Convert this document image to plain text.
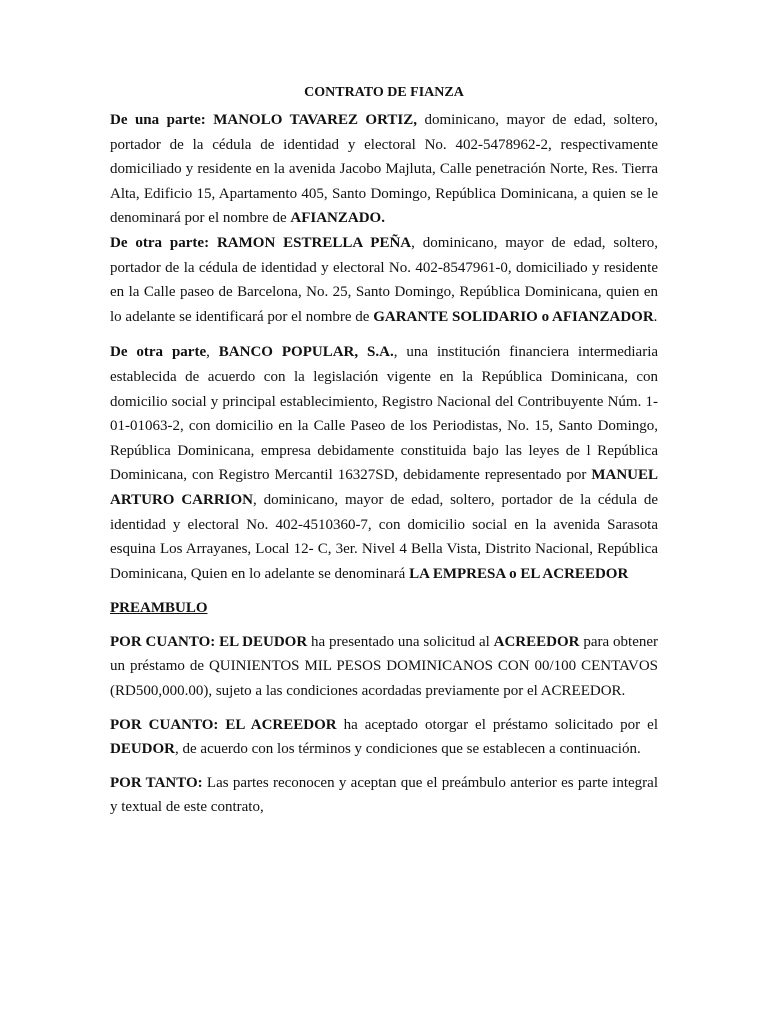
CONTRATO DE FIANZA

De una parte: MANOLO TAVAREZ ORTIZ, dominicano, mayor de edad, soltero, portador de la cédula de identidad y electoral No. 402-5478962-2, respectivamente domiciliado y residente en la avenida Jacobo Majluta, Calle penetración Norte, Res. Tierra Alta, Edificio 15, Apartamento 405, Santo Domingo, República Dominicana, a quien se le denominará por el nombre de AFIANZADO.

De otra parte: RAMON ESTRELLA PEÑA, dominicano, mayor de edad, soltero, portador de la cédula de identidad y electoral No. 402-8547961-0, domiciliado y residente en la Calle paseo de Barcelona, No. 25, Santo Domingo, República Dominicana, quien en lo adelante se identificará por el nombre de GARANTE SOLIDARIO o AFIANZADOR.

De otra parte, BANCO POPULAR, S.A., una institución financiera intermediaria establecida de acuerdo con la legislación vigente en la República Dominicana, con domicilio social y principal establecimiento, Registro Nacional del Contribuyente Núm. 1-01-01063-2, con domicilio en la Calle Paseo de los Periodistas, No. 15, Santo Domingo, República Dominicana, empresa debidamente constituida bajo las leyes de l República Dominicana, con Registro Mercantil 16327SD, debidamente representado por MANUEL ARTURO CARRION, dominicano, mayor de edad, soltero, portador de la cédula de identidad y electoral No. 402-4510360-7, con domicilio social en la avenida Sarasota esquina Los Arrayanes, Local 12- C, 3er. Nivel 4 Bella Vista, Distrito Nacional, República Dominicana, Quien en lo adelante se denominará LA EMPRESA o EL ACREEDOR

PREAMBULO

POR CUANTO: EL DEUDOR ha presentado una solicitud al ACREEDOR para obtener un préstamo de QUINIENTOS MIL PESOS DOMINICANOS CON 00/100 CENTAVOS (RD500,000.00), sujeto a las condiciones acordadas previamente por el ACREEDOR.

POR CUANTO: EL ACREEDOR ha aceptado otorgar el préstamo solicitado por el DEUDOR, de acuerdo con los términos y condiciones que se establecen a continuación.

POR TANTO: Las partes reconocen y aceptan que el preámbulo anterior es parte integral y textual de este contrato,
